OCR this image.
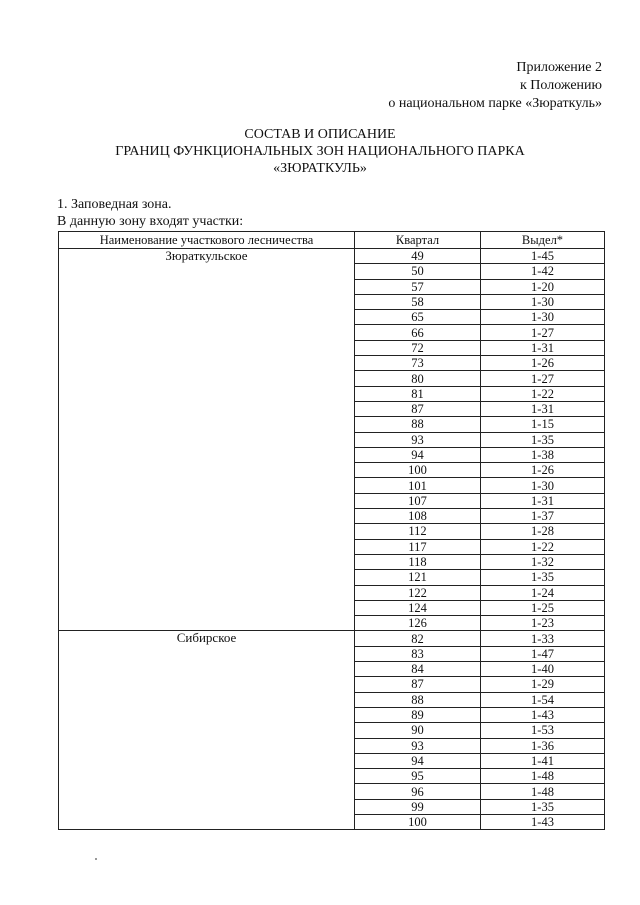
Приложение 2
к Положению
о национальном парке «Зюраткуль»
СОСТАВ И ОПИСАНИЕ
ГРАНИЦ ФУНКЦИОНАЛЬНЫХ ЗОН НАЦИОНАЛЬНОГО ПАРКА
«ЗЮРАТКУЛЬ»
1. Заповедная зона.
В данную зону входят участки:
Наименование участкового лесничества	Квартал	Выдел*
Зюраткульское	49	1-45
	50	1-42
	57	1-20
	58	1-30
	65	1-30
	66	1-27
	72	1-31
	73	1-26
	80	1-27
	81	1-22
	87	1-31
	88	1-15
	93	1-35
	94	1-38
	100	1-26
	101	1-30
	107	1-31
	108	1-37
	112	1-28
	117	1-22
	118	1-32
	121	1-35
	122	1-24
	124	1-25
	126	1-23
Сибирское	82	1-33
	83	1-47
	84	1-40
	87	1-29
	88	1-54
	89	1-43
	90	1-53
	93	1-36
	94	1-41
	95	1-48
	96	1-48
	99	1-35
	100	1-43
